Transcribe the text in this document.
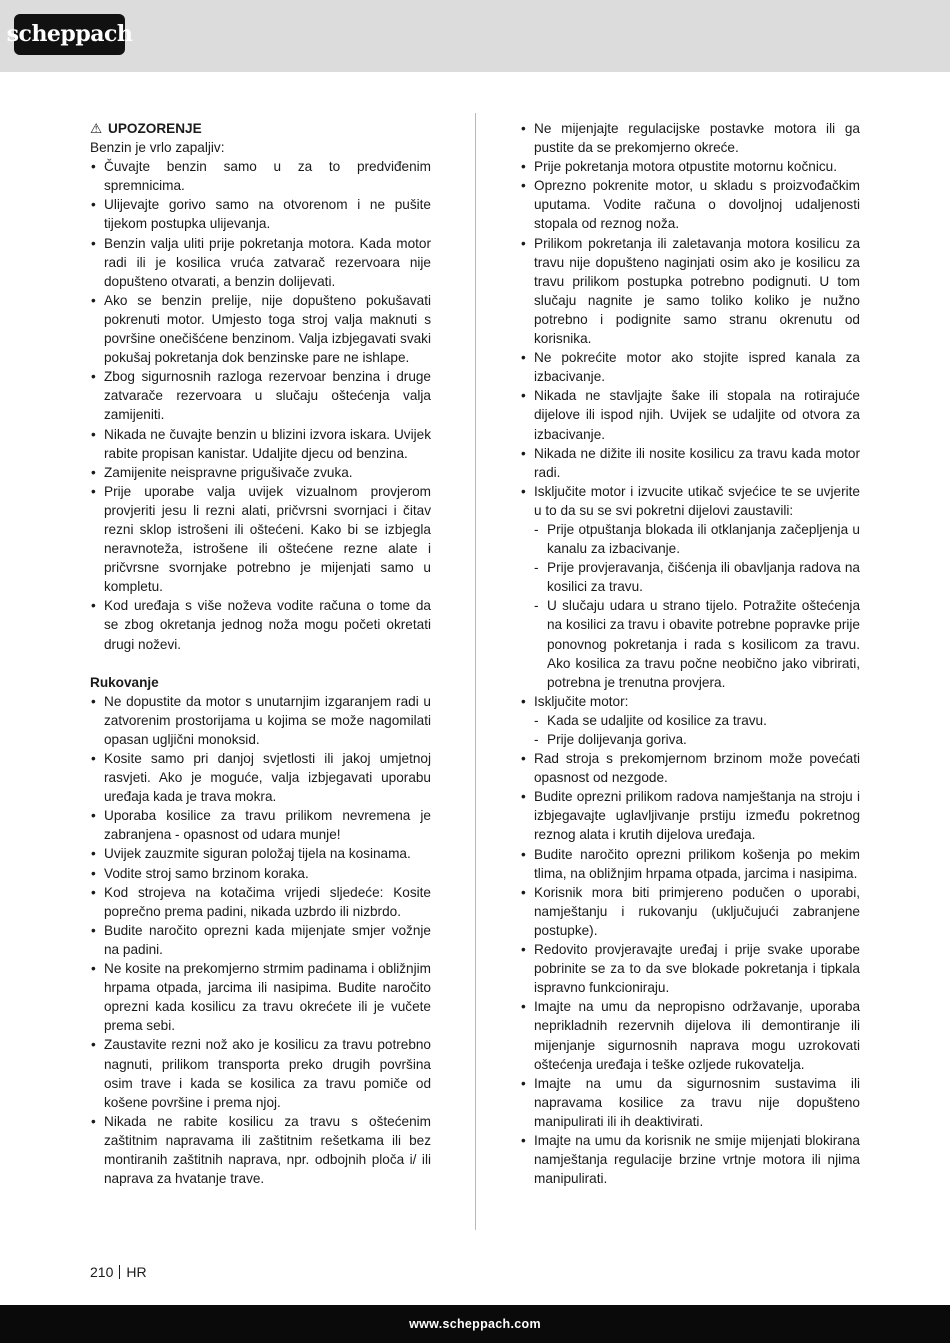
scheppach

⚠ UPOZORENJE

Benzin je vrlo zapaljiv:

• Čuvajte benzin samo u za to predviđenim spremnicima.
• Ulijevajte gorivo samo na otvorenom i ne pušite tijekom postupka ulijevanja.
• Benzin valja uliti prije pokretanja motora. Kada motor radi ili je kosilica vruća zatvarač rezervoara nije dopušteno otvarati, a benzin dolijevati.
• Ako se benzin prelije, nije dopušteno pokušavati pokrenuti motor. Umjesto toga stroj valja maknuti s površine onečišćene benzinom. Valja izbjegavati svaki pokušaj pokretanja dok benzinske pare ne ishlape.
• Zbog sigurnosnih razloga rezervoar benzina i druge zatvarače rezervoara u slučaju oštećenja valja zamijeniti.
• Nikada ne čuvajte benzin u blizini izvora iskara. Uvijek rabite propisan kanistar. Udaljite djecu od benzina.
• Zamijenite neispravne prigušivače zvuka.
• Prije uporabe valja uvijek vizualnom provjerom provjeriti jesu li rezni alati, pričvrsni svornjaci i čitav rezni sklop istrošeni ili oštećeni. Kako bi se izbjegla neravnoteža, istrošene ili oštećene rezne alate i pričvrsne svornjake potrebno je mijenjati samo u kompletu.
• Kod uređaja s više noževa vodite računa o tome da se zbog okretanja jednog noža mogu početi okretati drugi noževi.

Rukovanje

• Ne dopustite da motor s unutarnjim izgaranjem radi u zatvorenim prostorijama u kojima se može nagomilati opasan ugljični monoksid.
• Kosite samo pri danjoj svjetlosti ili jakoj umjetnoj rasvjeti. Ako je moguće, valja izbjegavati uporabu uređaja kada je trava mokra.
• Uporaba kosilice za travu prilikom nevremena je zabranjena - opasnost od udara munje!
• Uvijek zauzmite siguran položaj tijela na kosinama.
• Vodite stroj samo brzinom koraka.
• Kod strojeva na kotačima vrijedi sljedeće: Kosite poprečno prema padini, nikada uzbrdo ili nizbrdo.
• Budite naročito oprezni kada mijenjate smjer vožnje na padini.
• Ne kosite na prekomjerno strmim padinama i obližnjim hrpama otpada, jarcima ili nasipima. Budite naročito oprezni kada kosilicu za travu okrećete ili je vučete prema sebi.
• Zaustavite rezni nož ako je kosilicu za travu potrebno nagnuti, prilikom transporta preko drugih površina osim trave i kada se kosilica za travu pomiče od košene površine i prema njoj.
• Nikada ne rabite kosilicu za travu s oštećenim zaštitnim napravama ili zaštitnim rešetkama ili bez montiranih zaštitnih naprava, npr. odbojnih ploča i/ ili naprava za hvatanje trave.
• Ne mijenjajte regulacijske postavke motora ili ga pustite da se prekomjerno okreće.
• Prije pokretanja motora otpustite motornu kočnicu.
• Oprezno pokrenite motor, u skladu s proizvođačkim uputama. Vodite računa o dovoljnoj udaljenosti stopala od reznog noža.
• Prilikom pokretanja ili zaletavanja motora kosilicu za travu nije dopušteno naginjati osim ako je kosilicu za travu prilikom postupka potrebno podignuti. U tom slučaju nagnite je samo toliko koliko je nužno potrebno i podignite samo stranu okrenutu od korisnika.
• Ne pokrećite motor ako stojite ispred kanala za izbacivanje.
• Nikada ne stavljajte šake ili stopala na rotirajuće dijelove ili ispod njih. Uvijek se udaljite od otvora za izbacivanje.
• Nikada ne dižite ili nosite kosilicu za travu kada motor radi.
• Isključite motor i izvucite utikač svjećice te se uvjerite u to da su se svi pokretni dijelovi zaustavili:
- Prije otpuštanja blokada ili otklanjanja začepljenja u kanalu za izbacivanje.
- Prije provjeravanja, čišćenja ili obavljanja radova na kosilici za travu.
- U slučaju udara u strano tijelo. Potražite oštećenja na kosilici za travu i obavite potrebne popravke prije ponovnog pokretanja i rada s kosilicom za travu. Ako kosilica za travu počne neobično jako vibrirati, potrebna je trenutna provjera.
• Isključite motor:
- Kada se udaljite od kosilice za travu.
- Prije dolijevanja goriva.
• Rad stroja s prekomjernom brzinom može povećati opasnost od nezgode.
• Budite oprezni prilikom radova namještanja na stroju i izbjegavajte uglavljivanje prstiju između pokretnog reznog alata i krutih dijelova uređaja.
• Budite naročito oprezni prilikom košenja po mekim tlima, na obližnjim hrpama otpada, jarcima i nasipima.
• Korisnik mora biti primjereno podučen o uporabi, namještanju i rukovanju (uključujući zabranjene postupke).
• Redovito provjeravajte uređaj i prije svake uporabe pobrinite se za to da sve blokade pokretanja i tipkala ispravno funkcioniraju.
• Imajte na umu da nepropisno održavanje, uporaba neprikladnih rezervnih dijelova ili demontiranje ili mijenjanje sigurnosnih naprava mogu uzrokovati oštećenja uređaja i teške ozljede rukovatelja.
• Imajte na umu da sigurnosnim sustavima ili napravama kosilice za travu nije dopušteno manipulirati ili ih deaktivirati.
• Imajte na umu da korisnik ne smije mijenjati blokirana namještanja regulacije brzine vrtnje motora ili njima manipulirati.
210 HR
www.scheppach.com
